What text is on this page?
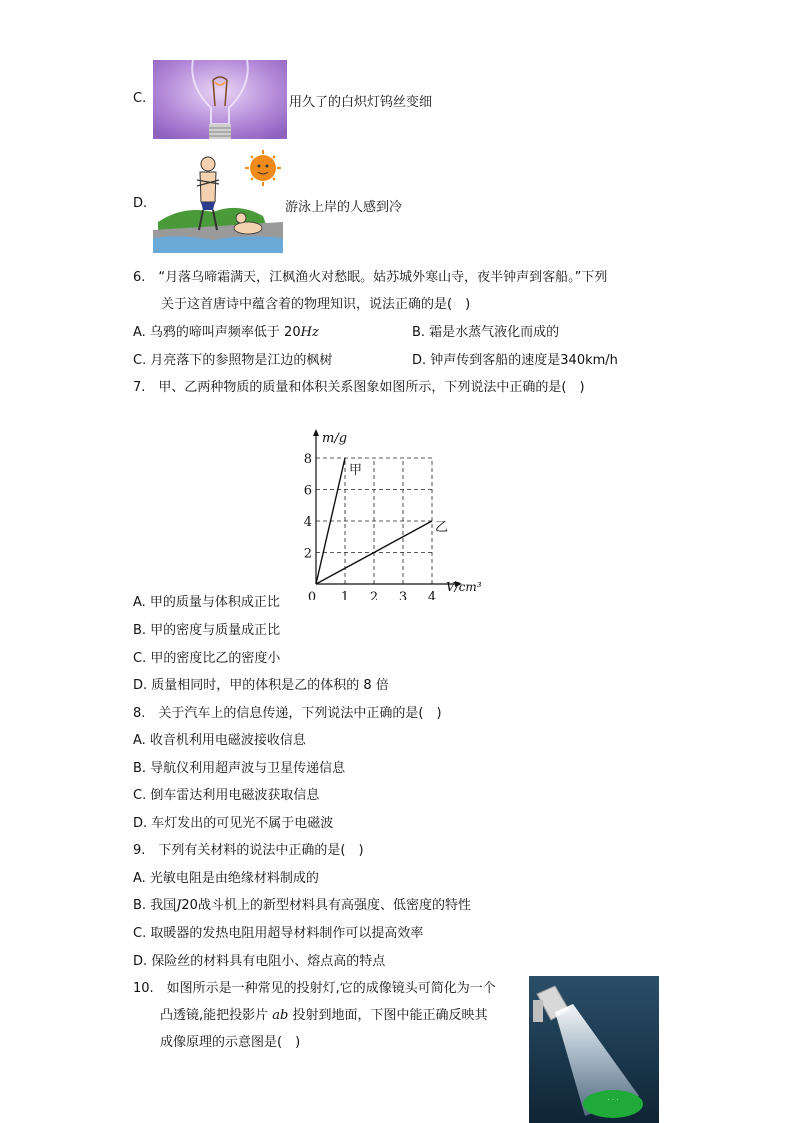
C.	用久了的白炽灯钨丝变细
D.	游泳上岸的人感到冷
6.　“月落乌啼霜满天，江枫渔火对愁眠。姑苏城外寒山寺，夜半钟声到客船。”下列
关于这首唐诗中蕴含着的物理知识，说法正确的是(　)
A. 乌鸦的啼叫声频率低于 20Hz	B. 霜是水蒸气液化而成的
C. 月亮落下的参照物是江边的枫树	D. 钟声传到客船的速度是340km/h
7.　甲、乙两种物质的质量和体积关系图象如图所示，下列说法中正确的是(　)
甲
乙
0 1 2 3 4
2
4
6
8
m/g
V/cm³
A. 甲的质量与体积成正比
B. 甲的密度与质量成正比
C. 甲的密度比乙的密度小
D. 质量相同时，甲的体积是乙的体积的 8 倍
8.　关于汽车上的信息传递，下列说法中正确的是(　)
A. 收音机利用电磁波接收信息
B. 导航仪利用超声波与卫星传递信息
C. 倒车雷达利用电磁波获取信息
D. 车灯发出的可见光不属于电磁波
9.　下列有关材料的说法中正确的是(　)
A. 光敏电阻是由绝缘材料制成的
B. 我国J20战斗机上的新型材料具有高强度、低密度的特性
C. 取暖器的发热电阻用超导材料制作可以提高效率
D. 保险丝的材料具有电阻小、熔点高的特点
10.　如图所示是一种常见的投射灯,它的成像镜头可简化为一个
凸透镜,能把投影片 ab 投射到地面，下图中能正确反映其
成像原理的示意图是(　)
· · ·
